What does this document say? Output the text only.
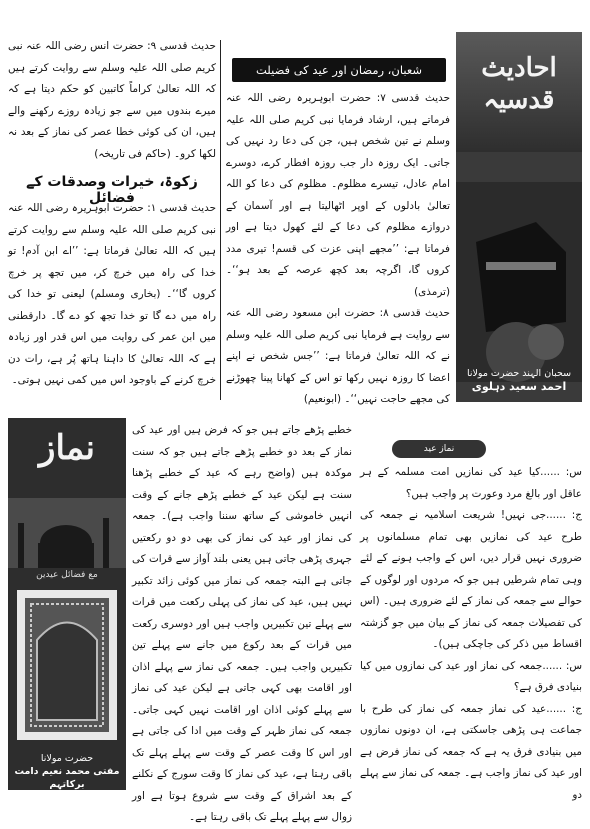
احادیث قدسیہ
سحبان الہند حضرت مولانا
احمد سعید دہلوی
شعبان، رمضان اور عید کی فضیلت

حدیث قدسی ۷: حضرت ابوہریرہ رضی اللہ عنہ فرماتے ہیں، ارشاد فرمایا نبی کریم صلی اللہ علیہ وسلم نے تین شخص ہیں، جن کی دعا رد نہیں کی جاتی۔ ایک روزہ دار جب روزہ افطار کرے، دوسرے امام عادل، تیسرے مظلوم۔ مظلوم کی دعا کو اللہ تعالیٰ بادلوں کے اوپر اٹھالیتا ہے اور آسمان کے دروازے مظلوم کی دعا کے لئے کھول دیتا ہے اور فرماتا ہے: ’’مجھے اپنی عزت کی قسم! تیری مدد کروں گا، اگرچہ بعد کچھ عرصہ کے بعد ہو‘‘۔ (ترمذی)

حدیث قدسی ۸: حضرت ابن مسعود رضی اللہ عنہ سے روایت ہے فرمایا نبی کریم صلی اللہ علیہ وسلم نے کہ اللہ تعالیٰ فرماتا ہے: ’’جس شخص نے اپنے اعضا کا روزہ نہیں رکھا تو اس کے کھانا پینا چھوڑنے کی مجھے حاجت نہیں‘‘۔ (ابونعیم)

حدیث قدسی ۹: حضرت انس رضی اللہ عنہ نبی کریم صلی اللہ علیہ وسلم سے روایت کرتے ہیں کہ اللہ تعالیٰ کراماً کاتبین کو حکم دیتا ہے کہ میرے بندوں میں سے جو زیادہ روزے رکھنے والے ہیں، ان کی کوئی خطا عصر کی نماز کے بعد نہ لکھا کرو۔ (حاکم فی تاریخہ)

زکوۃ، خیرات وصدقات کے فضائل

حدیث قدسی ۱: حضرت ابوہریرہ رضی اللہ عنہ نبی کریم صلی اللہ علیہ وسلم سے روایت کرتے ہیں کہ اللہ تعالیٰ فرماتا ہے: ’’اے ابن آدم! تو خدا کی راہ میں خرچ کر، میں تجھ پر خرچ کروں گا‘‘۔ (بخاری ومسلم) لیعنی تو خدا کی راہ میں دے گا تو خدا تجھ کو دے گا۔ دارقطنی میں ابن عمر کی روایت میں اس قدر اور زیادہ ہے کہ اللہ تعالیٰ کا داہنا ہاتھ پُر ہے، رات دن خرچ کرنے کے باوجود اس میں کمی نہیں ہوتی۔

نماز
مع فضائل عیدین
حضرت مولانا
مفتی محمد نعیم دامت برکاتہم

خطبے پڑھے جاتے ہیں جو کہ فرض ہیں اور عید کی نماز کے بعد دو خطبے پڑھے جاتے ہیں جو کہ سنت موکدہ ہیں (واضح رہے کہ عید کے خطبے پڑھنا سنت ہے لیکن عید کے خطبے پڑھے جانے کے وقت انہیں خاموشی کے ساتھ سننا واجب ہے)۔ جمعہ کی نماز اور عید کی نماز کی بھی دو دو رکعتیں جہری پڑھی جاتی ہیں یعنی بلند آواز سے قرات کی جاتی ہے البتہ جمعہ کی نماز میں کوئی زائد تکبیر نہیں ہیں، عید کی نماز کی پہلی رکعت میں قرات سے پہلے تین تکبیریں واجب ہیں اور دوسری رکعت میں قرات کے بعد رکوع میں جانے سے پہلے تین تکبیریں واجب ہیں۔ جمعہ کی نماز سے پہلے اذان اور اقامت بھی کہی جاتی ہے لیکن عید کی نماز سے پہلے کوئی اذان اور اقامت نہیں کہی جاتی۔ جمعہ کی نماز ظہر کے وقت میں ادا کی جاتی ہے اور اس کا وقت عصر کے وقت سے پہلے پہلے تک باقی رہتا ہے، عید کی نماز کا وقت سورج کے نکلنے کے بعد اشراق کے وقت سے شروع ہوتا ہے اور زوال سے پہلے پہلے تک باقی رہتا ہے۔

نماز عید

س: ......کیا عید کی نمازیں امت مسلمہ کے ہر عاقل اور بالغ مرد وعورت پر واجب ہیں؟

ج: ......جی نہیں! شریعت اسلامیہ نے جمعہ کی طرح عید کی نمازیں بھی تمام مسلمانوں پر ضروری نہیں قرار دیں، اس کے واجب ہونے کے لئے وہی تمام شرطیں ہیں جو کہ مردوں اور لوگوں کے حوالے سے جمعہ کی نماز کے لئے ضروری ہیں۔ (اس کی تفصیلات جمعہ کی نماز کے بیان میں جو گزشتہ اقساط میں ذکر کی جاچکی ہیں)۔

س: ......جمعہ کی نماز اور عید کی نمازوں میں کیا بنیادی فرق ہے؟

ج: ......عید کی نماز جمعہ کی نماز کی طرح با جماعت ہی پڑھی جاسکتی ہے، ان دونوں نمازوں میں بنیادی فرق یہ ہے کہ جمعہ کی نماز فرض ہے اور عید کی نماز واجب ہے۔ جمعہ کی نماز سے پہلے دو
